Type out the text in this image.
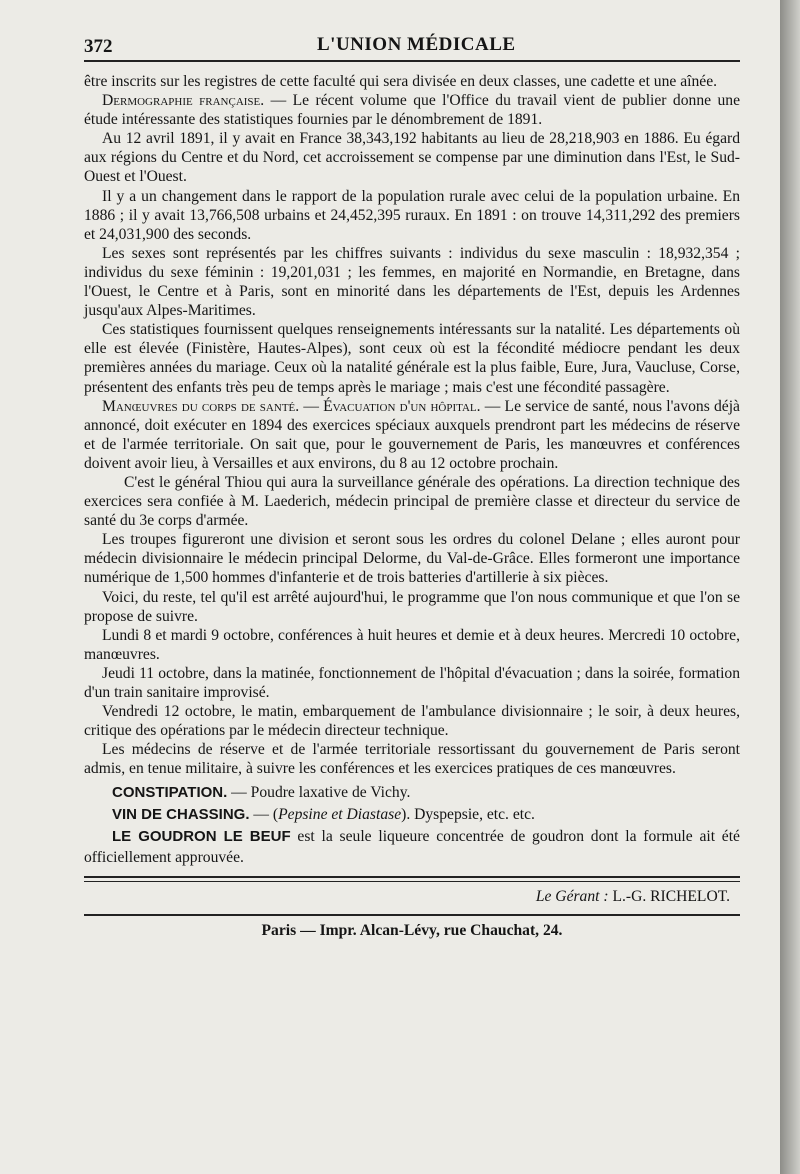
372	L'UNION MÉDICALE

être inscrits sur les registres de cette faculté qui sera divisée en deux classes, une cadette et une aînée.

Dermographie française. — Le récent volume que l'Office du travail vient de publier donne une étude intéressante des statistiques fournies par le dénombrement de 1891.

Au 12 avril 1891, il y avait en France 38,343,192 habitants au lieu de 28,218,903 en 1886. Eu égard aux régions du Centre et du Nord, cet accroissement se compense par une diminution dans l'Est, le Sud-Ouest et l'Ouest.

Il y a un changement dans le rapport de la population rurale avec celui de la population urbaine. En 1886 ; il y avait 13,766,508 urbains et 24,452,395 ruraux. En 1891 : on trouve 14,311,292 des premiers et 24,031,900 des seconds.

Les sexes sont représentés par les chiffres suivants : individus du sexe masculin : 18,932,354 ; individus du sexe féminin : 19,201,031 ; les femmes, en majorité en Normandie, en Bretagne, dans l'Ouest, le Centre et à Paris, sont en minorité dans les départements de l'Est, depuis les Ardennes jusqu'aux Alpes-Maritimes.

Ces statistiques fournissent quelques renseignements intéressants sur la natalité. Les départements où elle est élevée (Finistère, Hautes-Alpes), sont ceux où est la fécondité médiocre pendant les deux premières années du mariage. Ceux où la natalité générale est la plus faible, Eure, Jura, Vaucluse, Corse, présentent des enfants très peu de temps après le mariage ; mais c'est une fécondité passagère.

Manœuvres du corps de santé. — Évacuation d'un hôpital. — Le service de santé, nous l'avons déjà annoncé, doit exécuter en 1894 des exercices spéciaux auxquels prendront part les médecins de réserve et de l'armée territoriale. On sait que, pour le gouvernement de Paris, les manœuvres et conférences doivent avoir lieu, à Versailles et aux environs, du 8 au 12 octobre prochain.

C'est le général Thiou qui aura la surveillance générale des opérations. La direction technique des exercices sera confiée à M. Laederich, médecin principal de première classe et directeur du service de santé du 3e corps d'armée.

Les troupes figureront une division et seront sous les ordres du colonel Delane ; elles auront pour médecin divisionnaire le médecin principal Delorme, du Val-de-Grâce. Elles formeront une importance numérique de 1,500 hommes d'infanterie et de trois batteries d'artillerie à six pièces.

Voici, du reste, tel qu'il est arrêté aujourd'hui, le programme que l'on nous communique et que l'on se propose de suivre.

Lundi 8 et mardi 9 octobre, conférences à huit heures et demie et à deux heures. Mercredi 10 octobre, manœuvres.

Jeudi 11 octobre, dans la matinée, fonctionnement de l'hôpital d'évacuation ; dans la soirée, formation d'un train sanitaire improvisé.

Vendredi 12 octobre, le matin, embarquement de l'ambulance divisionnaire ; le soir, à deux heures, critique des opérations par le médecin directeur technique.

Les médecins de réserve et de l'armée territoriale ressortissant du gouvernement de Paris seront admis, en tenue militaire, à suivre les conférences et les exercices pratiques de ces manœuvres.

CONSTIPATION. — Poudre laxative de Vichy.
VIN DE CHASSING. — (Pepsine et Diastase). Dyspepsie, etc. etc.
LE GOUDRON LE BEUF est la seule liqueure concentrée de goudron dont la formule ait été officiellement approuvée.
Le Gérant : L.-G. RICHELOT.
Paris — Impr. Alcan-Lévy, rue Chauchat, 24.
